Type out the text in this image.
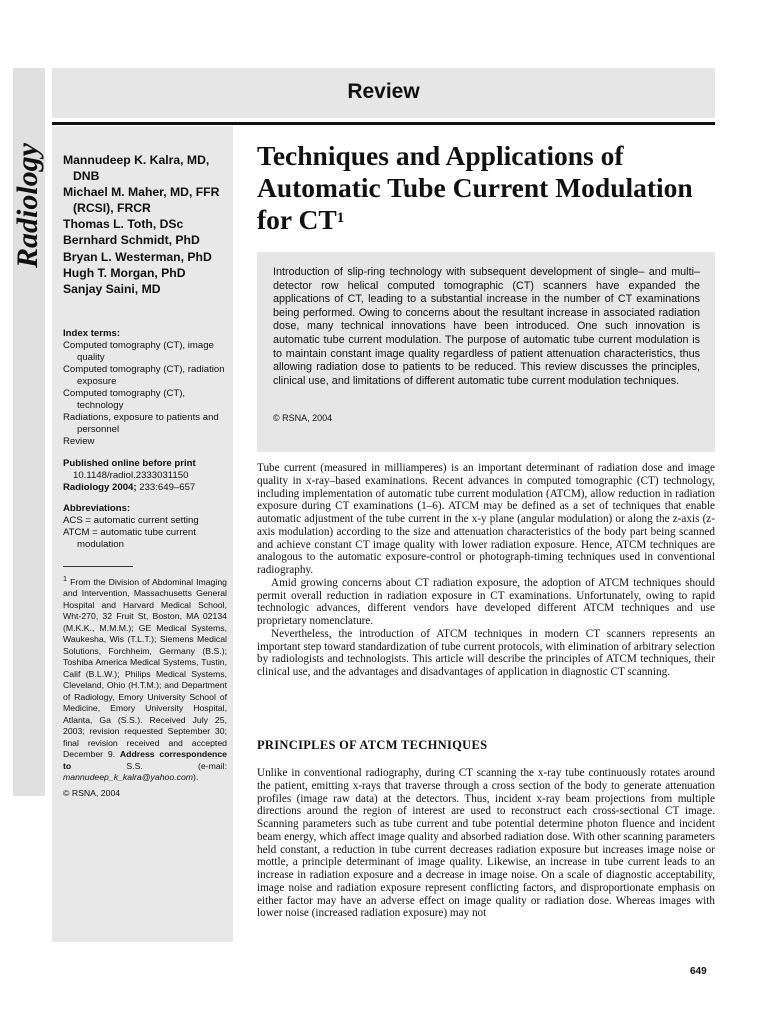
Radiology
Review
Mannudeep K. Kalra, MD, DNB
Michael M. Maher, MD, FFR (RCSI), FRCR
Thomas L. Toth, DSc
Bernhard Schmidt, PhD
Bryan L. Westerman, PhD
Hugh T. Morgan, PhD
Sanjay Saini, MD
Index terms:
Computed tomography (CT), image quality
Computed tomography (CT), radiation exposure
Computed tomography (CT), technology
Radiations, exposure to patients and personnel
Review
Published online before print
10.1148/radiol.2333031150
Radiology 2004; 233:649–657
Abbreviations:
ACS = automatic current setting
ATCM = automatic tube current modulation
$^1$ From the Division of Abdominal Imaging and Intervention, Massachusetts General Hospital and Harvard Medical School, Wht-270, 32 Fruit St, Boston, MA 02134 (M.K.K., M.M.M.); GE Medical Systems, Waukesha, Wis (T.L.T.); Siemens Medical Solutions, Forchheim, Germany (B.S.); Toshiba America Medical Systems, Tustin, Calif (B.L.W.); Philips Medical Systems, Cleveland, Ohio (H.T.M.); and Department of Radiology, Emory University School of Medicine, Emory University Hospital, Atlanta, Ga (S.S.). Received July 25, 2003; revision requested September 30; final revision received and accepted December 9. Address correspondence to	S.S. (e-mail: mannudeep_k_kalra@yahoo.com).
© RSNA, 2004
Techniques and Applications of Automatic Tube Current Modulation for $CT^1$
Introduction of slip-ring technology with subsequent development of single– and multi–detector row helical computed tomographic (CT) scanners have expanded the applications of CT, leading to a substantial increase in the number of CT examinations being performed. Owing to concerns about the resultant increase in associated radiation dose, many technical innovations have been introduced. One such innovation is automatic tube current modulation. The purpose of automatic tube current modulation is to maintain constant image quality regardless of patient attenuation characteristics, thus allowing radiation dose to patients to be reduced. This review discusses the principles, clinical use, and limitations of different automatic tube current modulation techniques.
© RSNA, 2004

Tube current (measured in milliamperes) is an important determinant of radiation dose and image quality in x-ray–based examinations. Recent advances in computed tomographic (CT) technology, including implementation of automatic tube current modulation (ATCM), allow reduction in radiation exposure during CT examinations (1–6). ATCM may be defined as a set of techniques that enable automatic adjustment of the tube current in the x-y plane (angular modulation) or along the z-axis (z-axis modulation) according to the size and attenuation characteristics of the body part being scanned and achieve constant CT image quality with lower radiation exposure. Hence, ATCM techniques are analogous to the automatic exposure-control or photograph-timing techniques used in conventional radiography.

Amid growing concerns about CT radiation exposure, the adoption of ATCM techniques should permit overall reduction in radiation exposure in CT examinations. Unfortunately, owing to rapid technologic advances, different vendors have developed different ATCM techniques and use proprietary nomenclature.

Nevertheless, the introduction of ATCM techniques in modern CT scanners represents an important step toward standardization of tube current protocols, with elimination of arbitrary selection by radiologists and technologists. This article will describe the principles of ATCM techniques, their clinical use, and the advantages and disadvantages of application in diagnostic CT scanning.

PRINCIPLES OF ATCM TECHNIQUES

Unlike in conventional radiography, during CT scanning the x-ray tube continuously rotates around the patient, emitting x-rays that traverse through a cross section of the body to generate attenuation profiles (image raw data) at the detectors. Thus, incident x-ray beam projections from multiple directions around the region of interest are used to reconstruct each cross-sectional CT image. Scanning parameters such as tube current and tube potential determine photon fluence and incident beam energy, which affect image quality and absorbed radiation dose. With other scanning parameters held constant, a reduction in tube current decreases radiation exposure but increases image noise or mottle, a principle determinant of image quality. Likewise, an increase in tube current leads to an increase in radiation exposure and a decrease in image noise. On a scale of diagnostic acceptability, image noise and radiation exposure represent conflicting factors, and disproportionate emphasis on either factor may have an adverse effect on image quality or radiation dose. Whereas images with lower noise (increased radiation exposure) may not

649
